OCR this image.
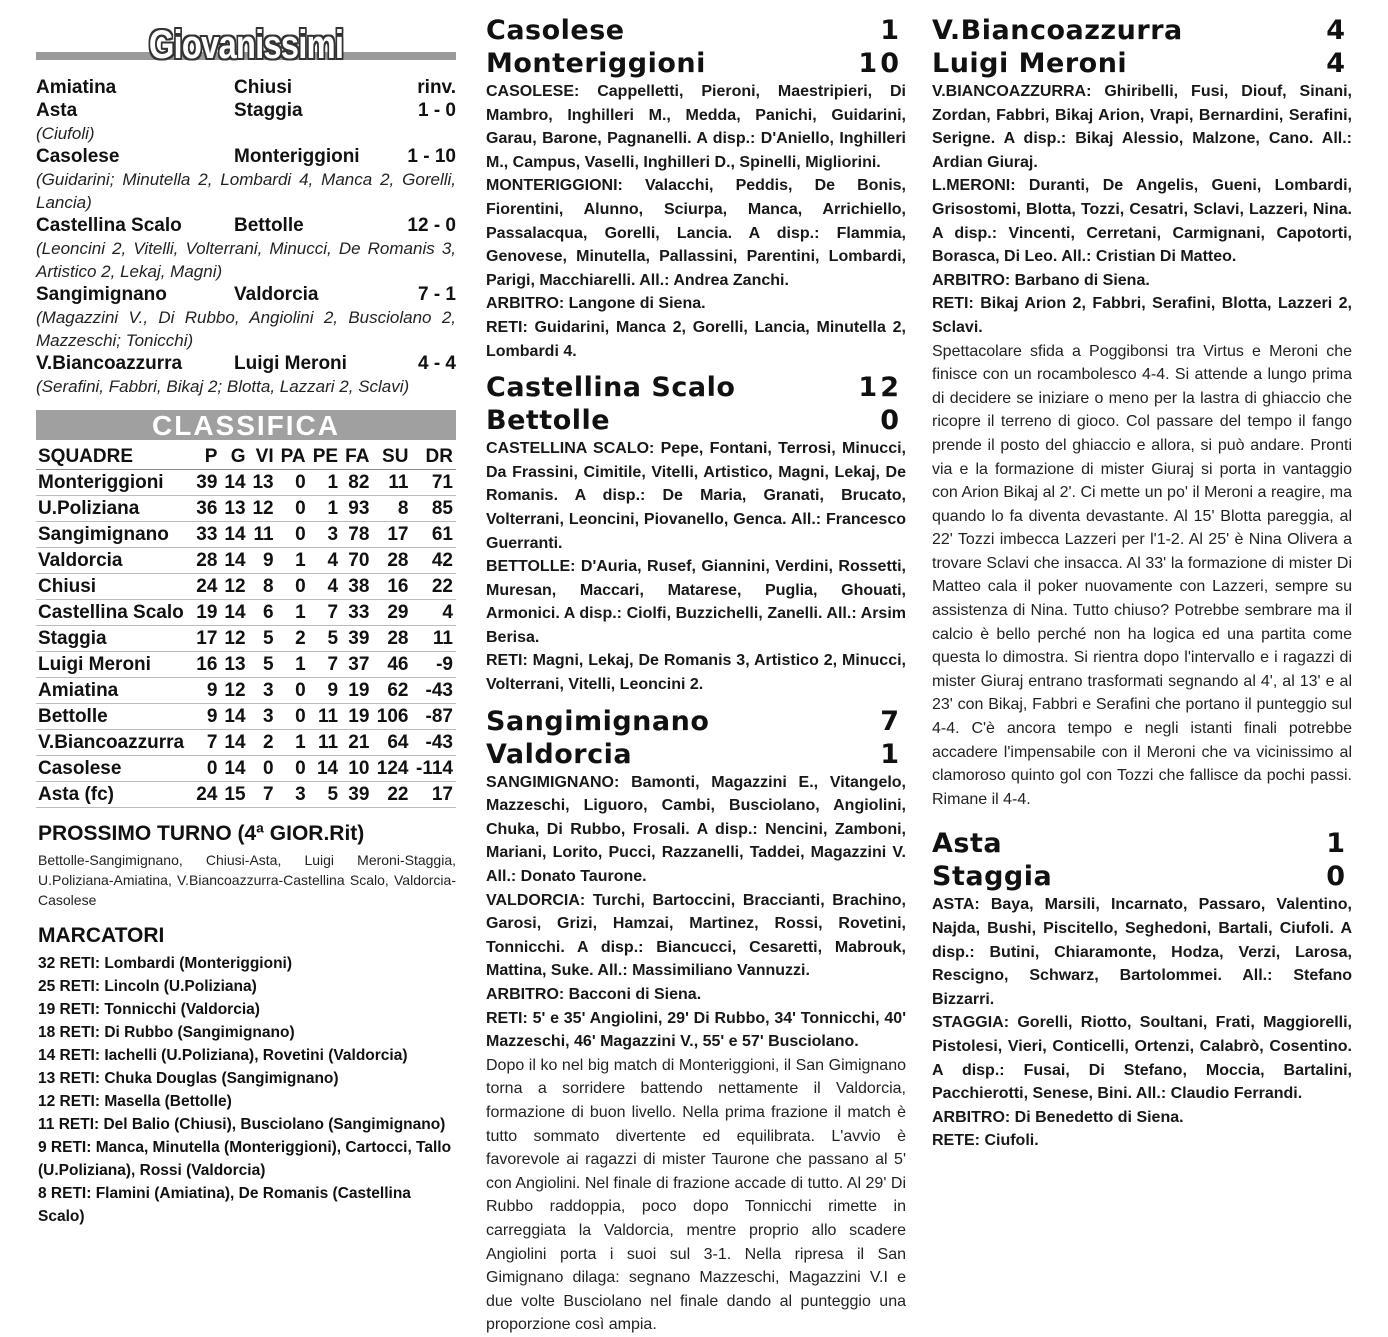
Giovanissimi
Amiatina	Chiusi	rinv.
Asta	Staggia	1 - 0
(Ciufoli)
Casolese	Monteriggioni	1 - 10
(Guidarini; Minutella 2, Lombardi 4, Manca 2, Gorelli, Lancia)
Castellina Scalo	Bettolle	12 - 0
(Leoncini 2, Vitelli, Volterrani, Minucci, De Romanis 3, Artistico 2, Lekaj, Magni)
Sangimignano	Valdorcia	7 - 1
(Magazzini V., Di Rubbo, Angiolini 2, Busciolano 2, Mazzeschi; Tonicchi)
V.Biancoazzurra	Luigi Meroni	4 - 4
(Serafini, Fabbri, Bikaj 2; Blotta, Lazzari 2, Sclavi)
CLASSIFICA
SQUADRE	P	G	VI	PA	PE	FA	SU	DR
Monteriggioni	39	14	13	0	1	82	11	71
U.Poliziana	36	13	12	0	1	93	8	85
Sangimignano	33	14	11	0	3	78	17	61
Valdorcia	28	14	9	1	4	70	28	42
Chiusi	24	12	8	0	4	38	16	22
Castellina Scalo	19	14	6	1	7	33	29	4
Staggia	17	12	5	2	5	39	28	11
Luigi Meroni	16	13	5	1	7	37	46	-9
Amiatina	9	12	3	0	9	19	62	-43
Bettolle	9	14	3	0	11	19	106	-87
V.Biancoazzurra	7	14	2	1	11	21	64	-43
Casolese	0	14	0	0	14	10	124	-114
Asta (fc)	24	15	7	3	5	39	22	17
PROSSIMO TURNO (4ª GIOR.Rit)
Bettolle-Sangimignano, Chiusi-Asta, Luigi Meroni-Staggia, U.Poliziana-Amiatina, V.Biancoazzurra-Castellina Scalo, Valdorcia-Casolese
MARCATORI
32 RETI: Lombardi (Monteriggioni)
25 RETI: Lincoln (U.Poliziana)
19 RETI: Tonnicchi (Valdorcia)
18 RETI: Di Rubbo (Sangimignano)
14 RETI: Iachelli (U.Poliziana), Rovetini (Valdorcia)
13 RETI: Chuka Douglas (Sangimignano)
12 RETI: Masella (Bettolle)
11 RETI: Del Balio (Chiusi), Busciolano (Sangimignano)
9 RETI: Manca, Minutella (Monteriggioni), Cartocci, Tallo (U.Poliziana), Rossi (Valdorcia)
8 RETI: Flamini (Amiatina), De Romanis (Castellina Scalo)
Casolese	1
Monteriggioni	10
CASOLESE: Cappelletti, Pieroni, Maestripieri, Di Mambro, Inghilleri M., Medda, Panichi, Guidarini, Garau, Barone, Pagnanelli. A disp.: D'Aniello, Inghilleri M., Campus, Vaselli, Inghilleri D., Spinelli, Migliorini.
MONTERIGGIONI: Valacchi, Peddis, De Bonis, Fiorentini, Alunno, Sciurpa, Manca, Arrichiello, Passalacqua, Gorelli, Lancia. A disp.: Flammia, Genovese, Minutella, Pallassini, Parentini, Lombardi, Parigi, Macchiarelli. All.: Andrea Zanchi.
ARBITRO: Langone di Siena.
RETI: Guidarini, Manca 2, Gorelli, Lancia, Minutella 2, Lombardi 4.
Castellina Scalo	12
Bettolle	0
CASTELLINA SCALO: Pepe, Fontani, Terrosi, Minucci, Da Frassini, Cimitile, Vitelli, Artistico, Magni, Lekaj, De Romanis. A disp.: De Maria, Granati, Brucato, Volterrani, Leoncini, Piovanello, Genca. All.: Francesco Guerranti.
BETTOLLE: D'Auria, Rusef, Giannini, Verdini, Rossetti, Muresan, Maccari, Matarese, Puglia, Ghouati, Armonici. A disp.: Ciolfi, Buzzichelli, Zanelli. All.: Arsim Berisa.
RETI: Magni, Lekaj, De Romanis 3, Artistico 2, Minucci, Volterrani, Vitelli, Leoncini 2.
Sangimignano	7
Valdorcia	1
SANGIMIGNANO: Bamonti, Magazzini E., Vitangelo, Mazzeschi, Liguoro, Cambi, Busciolano, Angiolini, Chuka, Di Rubbo, Frosali. A disp.: Nencini, Zamboni, Mariani, Lorito, Pucci, Razzanelli, Taddei, Magazzini V. All.: Donato Taurone.
VALDORCIA: Turchi, Bartoccini, Braccianti, Brachino, Garosi, Grizi, Hamzai, Martinez, Rossi, Rovetini, Tonnicchi. A disp.: Biancucci, Cesaretti, Mabrouk, Mattina, Suke. All.: Massimiliano Vannuzzi.
ARBITRO: Bacconi di Siena.
RETI: 5' e 35' Angiolini, 29' Di Rubbo, 34' Tonnicchi, 40' Mazzeschi, 46' Magazzini V., 55' e 57' Busciolano.
Dopo il ko nel big match di Monteriggioni, il San Gimignano torna a sorridere battendo nettamente il Valdorcia, formazione di buon livello. Nella prima frazione il match è tutto sommato divertente ed equilibrata. L'avvio è favorevole ai ragazzi di mister Taurone che passano al 5' con Angiolini. Nel finale di frazione accade di tutto. Al 29' Di Rubbo raddoppia, poco dopo Tonnicchi rimette in carreggiata la Valdorcia, mentre proprio allo scadere Angiolini porta i suoi sul 3-1. Nella ripresa il San Gimignano dilaga: segnano Mazzeschi, Magazzini V.I e due volte Busciolano nel finale dando al punteggio una proporzione così ampia.
V.Biancoazzurra	4
Luigi Meroni	4
V.BIANCOAZZURRA: Ghiribelli, Fusi, Diouf, Sinani, Zordan, Fabbri, Bikaj Arion, Vrapi, Bernardini, Serafini, Serigne. A disp.: Bikaj Alessio, Malzone, Cano. All.: Ardian Giuraj.
L.MERONI: Duranti, De Angelis, Gueni, Lombardi, Grisostomi, Blotta, Tozzi, Cesatri, Sclavi, Lazzeri, Nina. A disp.: Vincenti, Cerretani, Carmignani, Capotorti, Borasca, Di Leo. All.: Cristian Di Matteo.
ARBITRO: Barbano di Siena.
RETI: Bikaj Arion 2, Fabbri, Serafini, Blotta, Lazzeri 2, Sclavi.
Spettacolare sfida a Poggibonsi tra Virtus e Meroni che finisce con un rocambolesco 4-4. Si attende a lungo prima di decidere se iniziare o meno per la lastra di ghiaccio che ricopre il terreno di gioco. Col passare del tempo il fango prende il posto del ghiaccio e allora, si può andare. Pronti via e la formazione di mister Giuraj si porta in vantaggio con Arion Bikaj al 2'. Ci mette un po' il Meroni a reagire, ma quando lo fa diventa devastante. Al 15' Blotta pareggia, al 22' Tozzi imbecca Lazzeri per l'1-2. Al 25' è Nina Olivera a trovare Sclavi che insacca. Al 33' la formazione di mister Di Matteo cala il poker nuovamente con Lazzeri, sempre su assistenza di Nina. Tutto chiuso? Potrebbe sembrare ma il calcio è bello perché non ha logica ed una partita come questa lo dimostra. Si rientra dopo l'intervallo e i ragazzi di mister Giuraj entrano trasformati segnando al 4', al 13' e al 23' con Bikaj, Fabbri e Serafini che portano il punteggio sul 4-4. C'è ancora tempo e negli istanti finali potrebbe accadere l'impensabile con il Meroni che va vicinissimo al clamoroso quinto gol con Tozzi che fallisce da pochi passi. Rimane il 4-4.
Asta	1
Staggia	0
ASTA: Baya, Marsili, Incarnato, Passaro, Valentino, Najda, Bushi, Piscitello, Seghedoni, Bartali, Ciufoli. A disp.: Butini, Chiaramonte, Hodza, Verzi, Larosa, Rescigno, Schwarz, Bartolommei. All.: Stefano Bizzarri.
STAGGIA: Gorelli, Riotto, Soultani, Frati, Maggiorelli, Pistolesi, Vieri, Conticelli, Ortenzi, Calabrò, Cosentino. A disp.: Fusai, Di Stefano, Moccia, Bartalini, Pacchierotti, Senese, Bini. All.: Claudio Ferrandi.
ARBITRO: Di Benedetto di Siena.
RETE: Ciufoli.
